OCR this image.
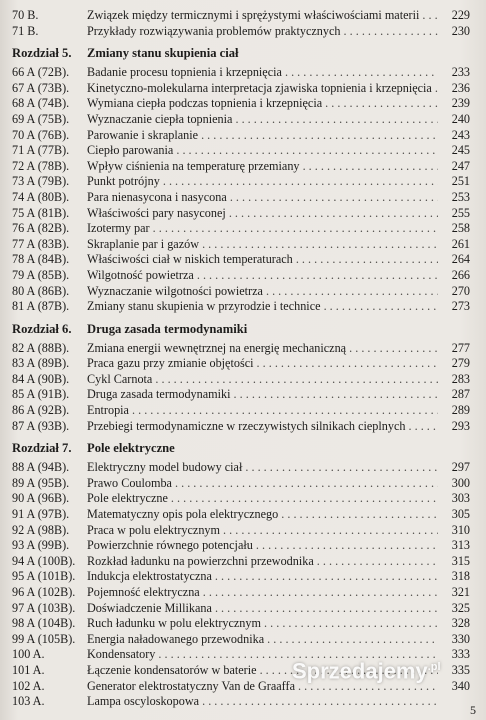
70 B.	Związek między termicznymi i sprężystymi właściwościami materii . . .	229
71 B.	Przykłady rozwiązywania problemów praktycznych . . .	230
Rozdział 5.	Zmiany stanu skupienia ciał
66 A (72B).	Badanie procesu topnienia i krzepnięcia . . .	233
67 A (73B).	Kinetyczno-molekularna interpretacja zjawiska topnienia i krzepnięcia . . .	236
68 A (74B).	Wymiana ciepła podczas topnienia i krzepnięcia . . .	239
69 A (75B).	Wyznaczanie ciepła topnienia . . .	240
70 A (76B).	Parowanie i skraplanie . . .	243
71 A (77B).	Ciepło parowania . . .	245
72 A (78B).	Wpływ ciśnienia na temperaturę przemiany . . .	247
73 A (79B).	Punkt potrójny . . .	251
74 A (80B).	Para nienasycona i nasycona . . .	253
75 A (81B).	Właściwości pary nasyconej . . .	255
76 A (82B).	Izotermy par . . .	258
77 A (83B).	Skraplanie par i gazów . . .	261
78 A (84B).	Właściwości ciał w niskich temperaturach . . .	264
79 A (85B).	Wilgotność powietrza . . .	266
80 A (86B).	Wyznaczanie wilgotności powietrza . . .	270
81 A (87B).	Zmiany stanu skupienia w przyrodzie i technice . . .	273
Rozdział 6.	Druga zasada termodynamiki
82 A (88B).	Zmiana energii wewnętrznej na energię mechaniczną . . .	277
83 A (89B).	Praca gazu przy zmianie objętości . . .	279
84 A (90B).	Cykl Carnota . . .	283
85 A (91B).	Druga zasada termodynamiki . . .	287
86 A (92B).	Entropia . . .	289
87 A (93B).	Przebiegi termodynamiczne w rzeczywistych silnikach cieplnych . . .	293
Rozdział 7.	Pole elektryczne
88 A (94B).	Elektryczny model budowy ciał . . .	297
89 A (95B).	Prawo Coulomba . . .	300
90 A (96B).	Pole elektryczne . . .	303
91 A (97B).	Matematyczny opis pola elektrycznego . . .	305
92 A (98B).	Praca w polu elektrycznym . . .	310
93 A (99B).	Powierzchnie równego potencjału . . .	313
94 A (100B). Rozkład ładunku na powierzchni przewodnika . . .	315
95 A (101B). Indukcja elektrostatyczna . . .	318
96 A (102B). Pojemność elektryczna . . .	321
97 A (103B). Doświadczenie Millikana . . .	325
98 A (104B). Ruch ładunku w polu elektrycznym . . .	328
99 A (105B). Energia naładowanego przewodnika . . .	330
100 A.	Kondensatory . . .	333
101 A.	Łączenie kondensatorów w baterie . . .	335
102 A.	Generator elektrostatyczny Van de Graaffa . . .	340
103 A.	Lampa oscyloskopowa . . .
Sprzedajemy$^{.pl}$
5
